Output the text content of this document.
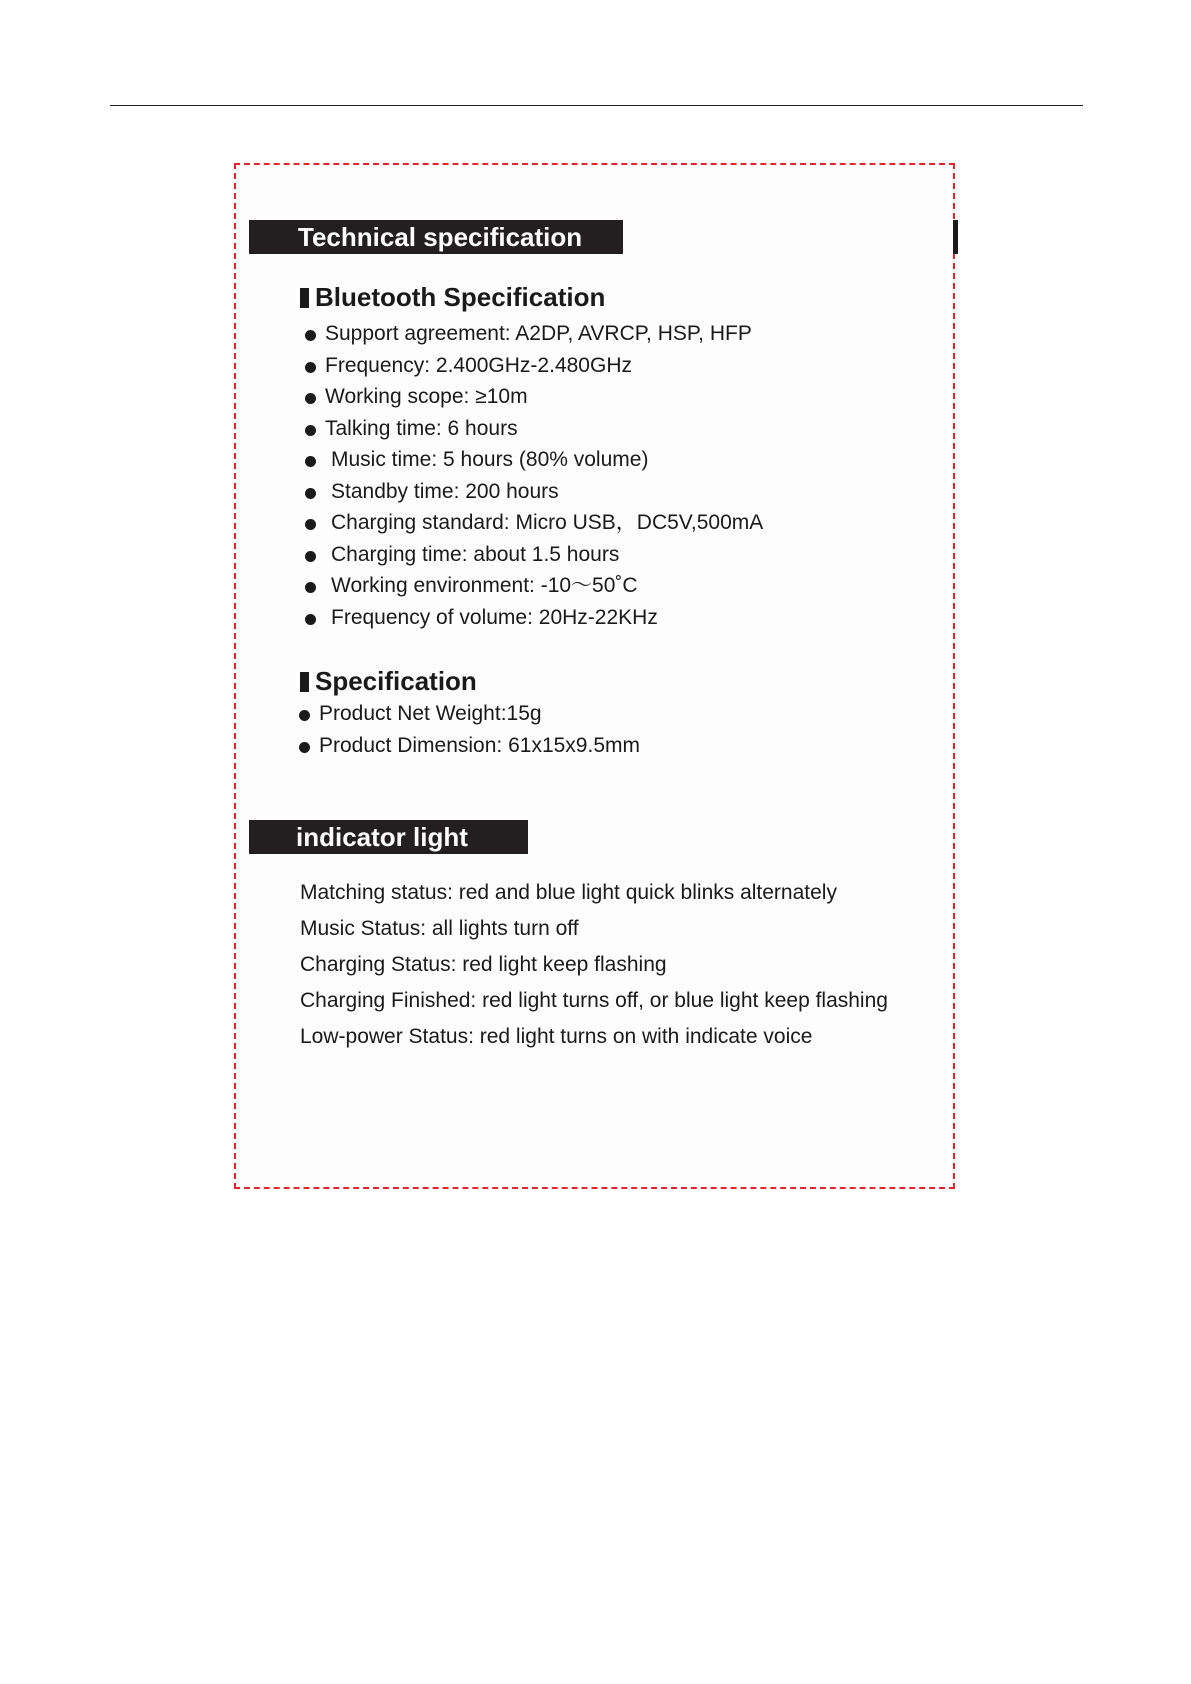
Technical specification
Bluetooth Specification
Support agreement: A2DP, AVRCP, HSP, HFP
Frequency: 2.400GHz-2.480GHz
Working scope: ≥10m
Talking time: 6 hours
Music time: 5 hours (80% volume)
Standby time: 200 hours
Charging standard: Micro USB，DC5V,500mA
Charging time: about 1.5 hours
Working environment: -10～50˚C
Frequency of volume: 20Hz-22KHz
Specification
Product Net Weight:15g
Product Dimension: 61x15x9.5mm
indicator light
Matching status: red and blue light quick blinks alternately
Music Status: all lights turn off
Charging Status: red light keep flashing
Charging Finished: red light turns off, or blue light keep flashing
Low-power Status: red light turns on with indicate voice
